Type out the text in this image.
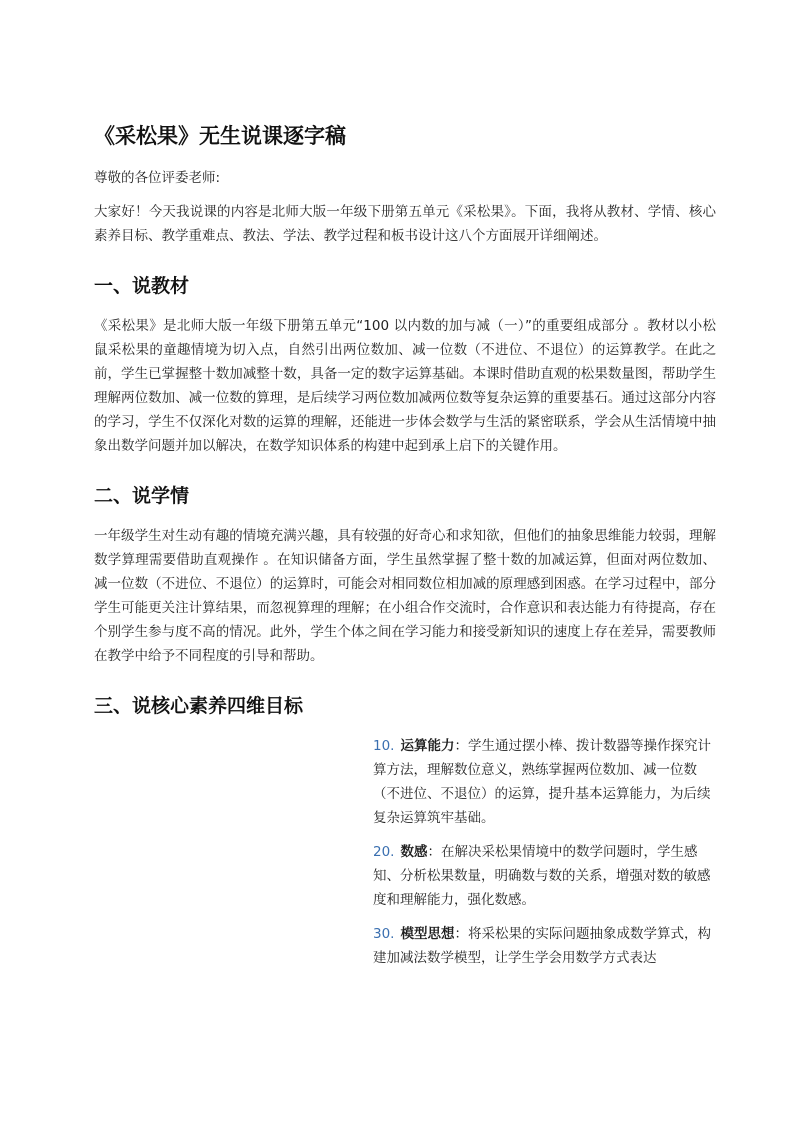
《采松果》无生说课逐字稿

尊敬的各位评委老师:

大家好！今天我说课的内容是北师大版一年级下册第五单元《采松果》。下面，我将从教材、学情、核心素养目标、教学重难点、教法、学法、教学过程和板书设计这八个方面展开详细阐述。

一、说教材

《采松果》是北师大版一年级下册第五单元“100 以内数的加与减（一）”的重要组成部分 。教材以小松鼠采松果的童趣情境为切入点，自然引出两位数加、减一位数（不进位、不退位）的运算教学。在此之前，学生已掌握整十数加减整十数，具备一定的数字运算基础。本课时借助直观的松果数量图，帮助学生理解两位数加、减一位数的算理，是后续学习两位数加减两位数等复杂运算的重要基石。通过这部分内容的学习，学生不仅深化对数的运算的理解，还能进一步体会数学与生活的紧密联系，学会从生活情境中抽象出数学问题并加以解决，在数学知识体系的构建中起到承上启下的关键作用。

二、说学情

一年级学生对生动有趣的情境充满兴趣，具有较强的好奇心和求知欲，但他们的抽象思维能力较弱，理解数学算理需要借助直观操作 。在知识储备方面，学生虽然掌握了整十数的加减运算，但面对两位数加、减一位数（不进位、不退位）的运算时，可能会对相同数位相加减的原理感到困惑。在学习过程中，部分学生可能更关注计算结果，而忽视算理的理解；在小组合作交流时，合作意识和表达能力有待提高，存在个别学生参与度不高的情况。此外，学生个体之间在学习能力和接受新知识的速度上存在差异，需要教师在教学中给予不同程度的引导和帮助。

三、说核心素养四维目标
10. 运算能力：学生通过摆小棒、拨计数器等操作探究计算方法，理解数位意义，熟练掌握两位数加、减一位数（不进位、不退位）的运算，提升基本运算能力，为后续复杂运算筑牢基础。
20. 数感：在解决采松果情境中的数学问题时，学生感知、分析松果数量，明确数与数的关系，增强对数的敏感度和理解能力，强化数感。
30. 模型思想：将采松果的实际问题抽象成数学算式，构建加减法数学模型，让学生学会用数学方式表达
